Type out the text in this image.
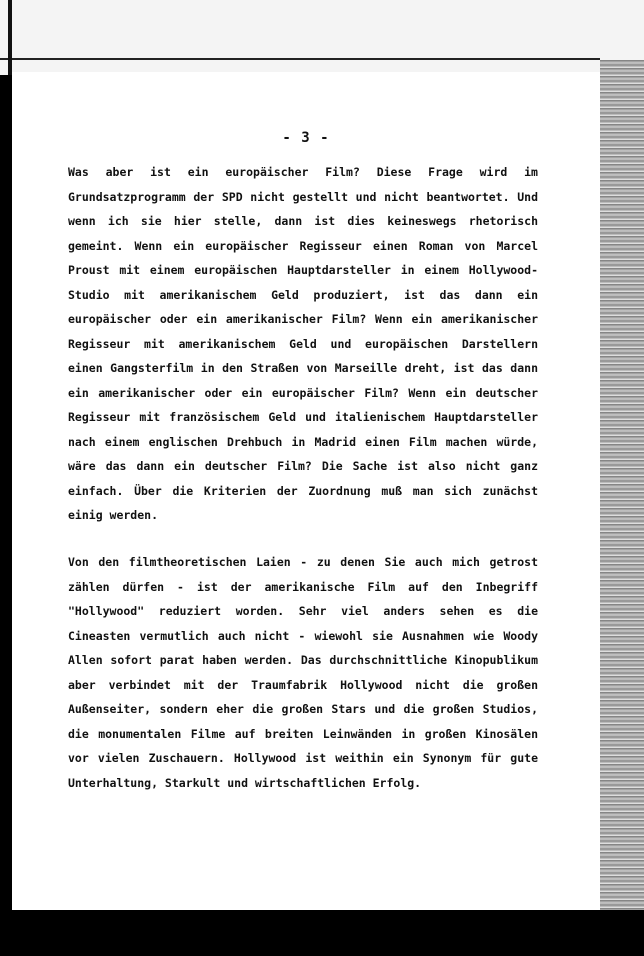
- 3 -

Was aber ist ein europäischer Film? Diese Frage wird im Grundsatzprogramm der SPD nicht gestellt und nicht beantwortet. Und wenn ich sie hier stelle, dann ist dies keineswegs rhetorisch gemeint. Wenn ein europäischer Regisseur einen Roman von Marcel Proust mit einem europäischen Hauptdarsteller in einem Hollywood-Studio mit amerikanischem Geld produziert, ist das dann ein europäischer oder ein amerikanischer Film? Wenn ein amerikanischer Regisseur mit amerikanischem Geld und europäischen Darstellern einen Gangsterfilm in den Straßen von Marseille dreht, ist das dann ein amerikanischer oder ein europäischer Film? Wenn ein deutscher Regisseur mit französischem Geld und italienischem Hauptdarsteller nach einem englischen Drehbuch in Madrid einen Film machen würde, wäre das dann ein deutscher Film? Die Sache ist also nicht ganz einfach. Über die Kriterien der Zuordnung muß man sich zunächst einig werden.

Von den filmtheoretischen Laien - zu denen Sie auch mich getrost zählen dürfen - ist der amerikanische Film auf den Inbegriff "Hollywood" reduziert worden. Sehr viel anders sehen es die Cineasten vermutlich auch nicht - wiewohl sie Ausnahmen wie Woody Allen sofort parat haben werden. Das durchschnittliche Kinopublikum aber verbindet mit der Traumfabrik Hollywood nicht die großen Außenseiter, sondern eher die großen Stars und die großen Studios, die monumentalen Filme auf breiten Leinwänden in großen Kinosälen vor vielen Zuschauern. Hollywood ist weithin ein Synonym für gute Unterhaltung, Starkult und wirtschaftlichen Erfolg.
